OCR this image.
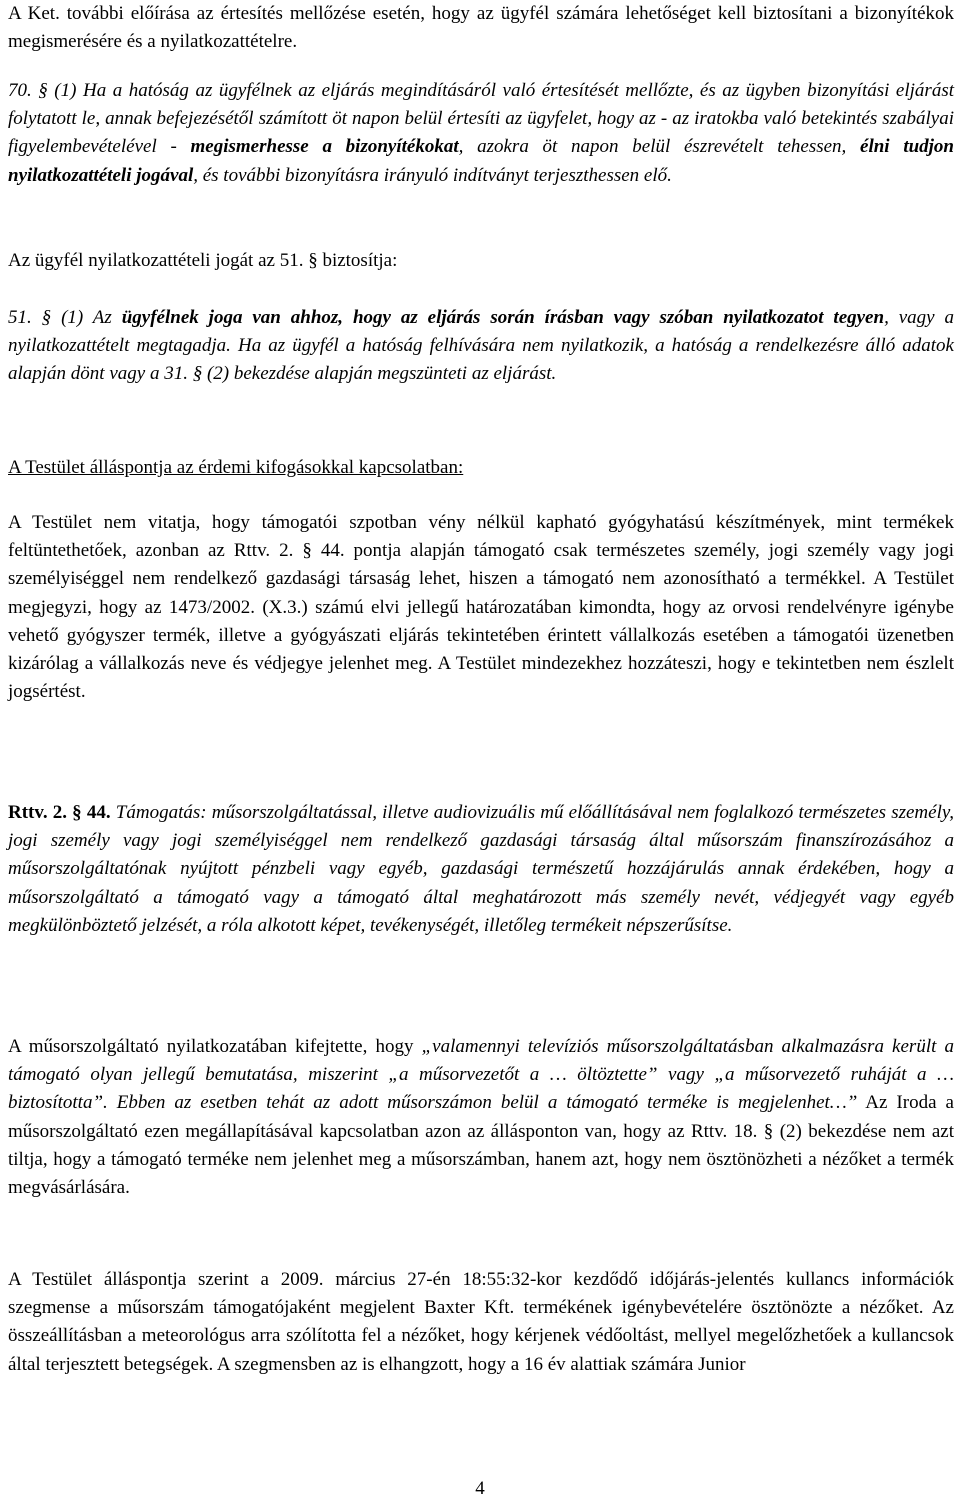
A Ket. további előírása az értesítés mellőzése esetén, hogy az ügyfél számára lehetőséget kell biztosítani a bizonyítékok megismerésére és a nyilatkozattételre.

70. § (1) Ha a hatóság az ügyfélnek az eljárás megindításáról való értesítését mellőzte, és az ügyben bizonyítási eljárást folytatott le, annak befejezésétől számított öt napon belül értesíti az ügyfelet, hogy az - az iratokba való betekintés szabályai figyelembevételével - megismerhesse a bizonyítékokat, azokra öt napon belül észrevételt tehessen, élni tudjon nyilatkozattételi jogával, és további bizonyításra irányuló indítványt terjeszthessen elő.

Az ügyfél nyilatkozattételi jogát az 51. § biztosítja:

51. § (1) Az ügyfélnek joga van ahhoz, hogy az eljárás során írásban vagy szóban nyilatkozatot tegyen, vagy a nyilatkozattételt megtagadja. Ha az ügyfél a hatóság felhívására nem nyilatkozik, a hatóság a rendelkezésre álló adatok alapján dönt vagy a 31. § (2) bekezdése alapján megszünteti az eljárást.

A Testület álláspontja az érdemi kifogásokkal kapcsolatban:

A Testület nem vitatja, hogy támogatói szpotban vény nélkül kapható gyógyhatású készítmények, mint termékek feltüntethetőek, azonban az Rttv. 2. § 44. pontja alapján támogató csak természetes személy, jogi személy vagy jogi személyiséggel nem rendelkező gazdasági társaság lehet, hiszen a támogató nem azonosítható a termékkel. A Testület megjegyzi, hogy az 1473/2002. (X.3.) számú elvi jellegű határozatában kimondta, hogy az orvosi rendelvényre igénybe vehető gyógyszer termék, illetve a gyógyászati eljárás tekintetében érintett vállalkozás esetében a támogatói üzenetben kizárólag a vállalkozás neve és védjegye jelenhet meg. A Testület mindezekhez hozzáteszi, hogy e tekintetben nem észlelt jogsértést.

Rttv. 2. § 44. Támogatás: műsorszolgáltatással, illetve audiovizuális mű előállításával nem foglalkozó természetes személy, jogi személy vagy jogi személyiséggel nem rendelkező gazdasági társaság által műsorszám finanszírozásához a műsorszolgáltatónak nyújtott pénzbeli vagy egyéb, gazdasági természetű hozzájárulás annak érdekében, hogy a műsorszolgáltató a támogató vagy a támogató által meghatározott más személy nevét, védjegyét vagy egyéb megkülönböztető jelzését, a róla alkotott képet, tevékenységét, illetőleg termékeit népszerűsítse.

A műsorszolgáltató nyilatkozatában kifejtette, hogy „valamennyi televíziós műsorszolgáltatásban alkalmazásra került a támogató olyan jellegű bemutatása, miszerint „a műsorvezetőt a … öltöztette” vagy „a műsorvezető ruháját a … biztosította”. Ebben az esetben tehát az adott műsorszámon belül a támogató terméke is megjelenhet…” Az Iroda a műsorszolgáltató ezen megállapításával kapcsolatban azon az állásponton van, hogy az Rttv. 18. § (2) bekezdése nem azt tiltja, hogy a támogató terméke nem jelenhet meg a műsorszámban, hanem azt, hogy nem ösztönözheti a nézőket a termék megvásárlására.

A Testület álláspontja szerint a 2009. március 27-én 18:55:32-kor kezdődő időjárás-jelentés kullancs információk szegmense a műsorszám támogatójaként megjelent Baxter Kft. termékének igénybevételére ösztönözte a nézőket. Az összeállításban a meteorológus arra szólította fel a nézőket, hogy kérjenek védőoltást, mellyel megelőzhetőek a kullancsok által terjesztett betegségek. A szegmensben az is elhangzott, hogy a 16 év alattiak számára Junior

4
